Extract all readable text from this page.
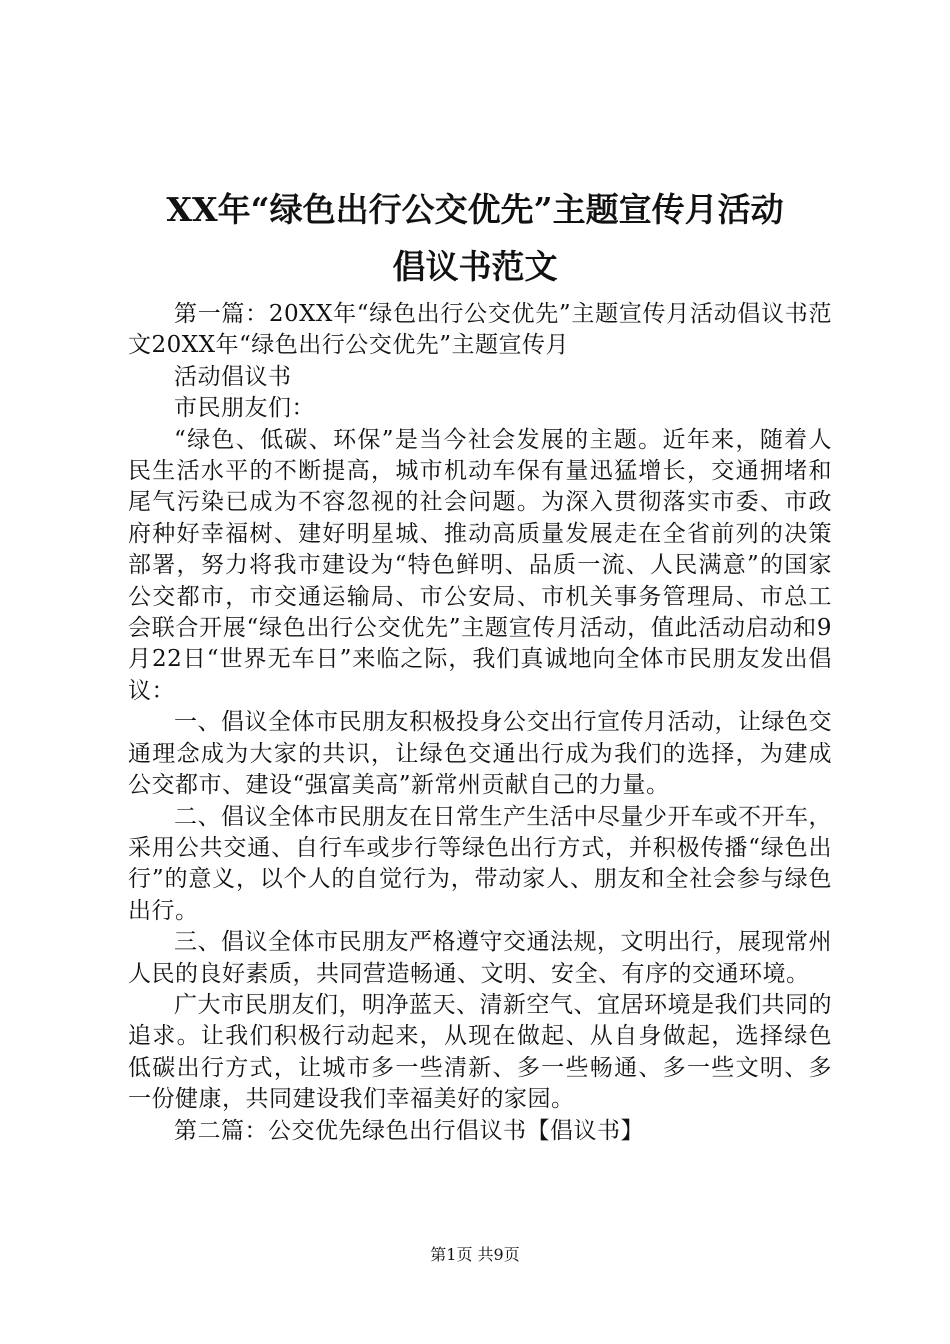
XX年“绿色出行公交优先”主题宣传月活动
倡议书范文

第一篇：20XX年“绿色出行公交优先”主题宣传月活动倡议书范文20XX年“绿色出行公交优先”主题宣传月

活动倡议书

市民朋友们：

“绿色、低碳、环保”是当今社会发展的主题。近年来，随着人民生活水平的不断提高，城市机动车保有量迅猛增长，交通拥堵和尾气污染已成为不容忽视的社会问题。为深入贯彻落实市委、市政府种好幸福树、建好明星城、推动高质量发展走在全省前列的决策部署，努力将我市建设为“特色鲜明、品质一流、人民满意”的国家公交都市，市交通运输局、市公安局、市机关事务管理局、市总工会联合开展“绿色出行公交优先”主题宣传月活动，值此活动启动和9月22日“世界无车日”来临之际，我们真诚地向全体市民朋友发出倡议：

一、倡议全体市民朋友积极投身公交出行宣传月活动，让绿色交通理念成为大家的共识，让绿色交通出行成为我们的选择，为建成公交都市、建设“强富美高”新常州贡献自己的力量。

二、倡议全体市民朋友在日常生产生活中尽量少开车或不开车，采用公共交通、自行车或步行等绿色出行方式，并积极传播“绿色出行”的意义，以个人的自觉行为，带动家人、朋友和全社会参与绿色出行。

三、倡议全体市民朋友严格遵守交通法规，文明出行，展现常州人民的良好素质，共同营造畅通、文明、安全、有序的交通环境。

广大市民朋友们，明净蓝天、清新空气、宜居环境是我们共同的追求。让我们积极行动起来，从现在做起、从自身做起，选择绿色低碳出行方式，让城市多一些清新、多一些畅通、多一些文明、多一份健康，共同建设我们幸福美好的家园。

第二篇：公交优先绿色出行倡议书【倡议书】

第1页 共9页
